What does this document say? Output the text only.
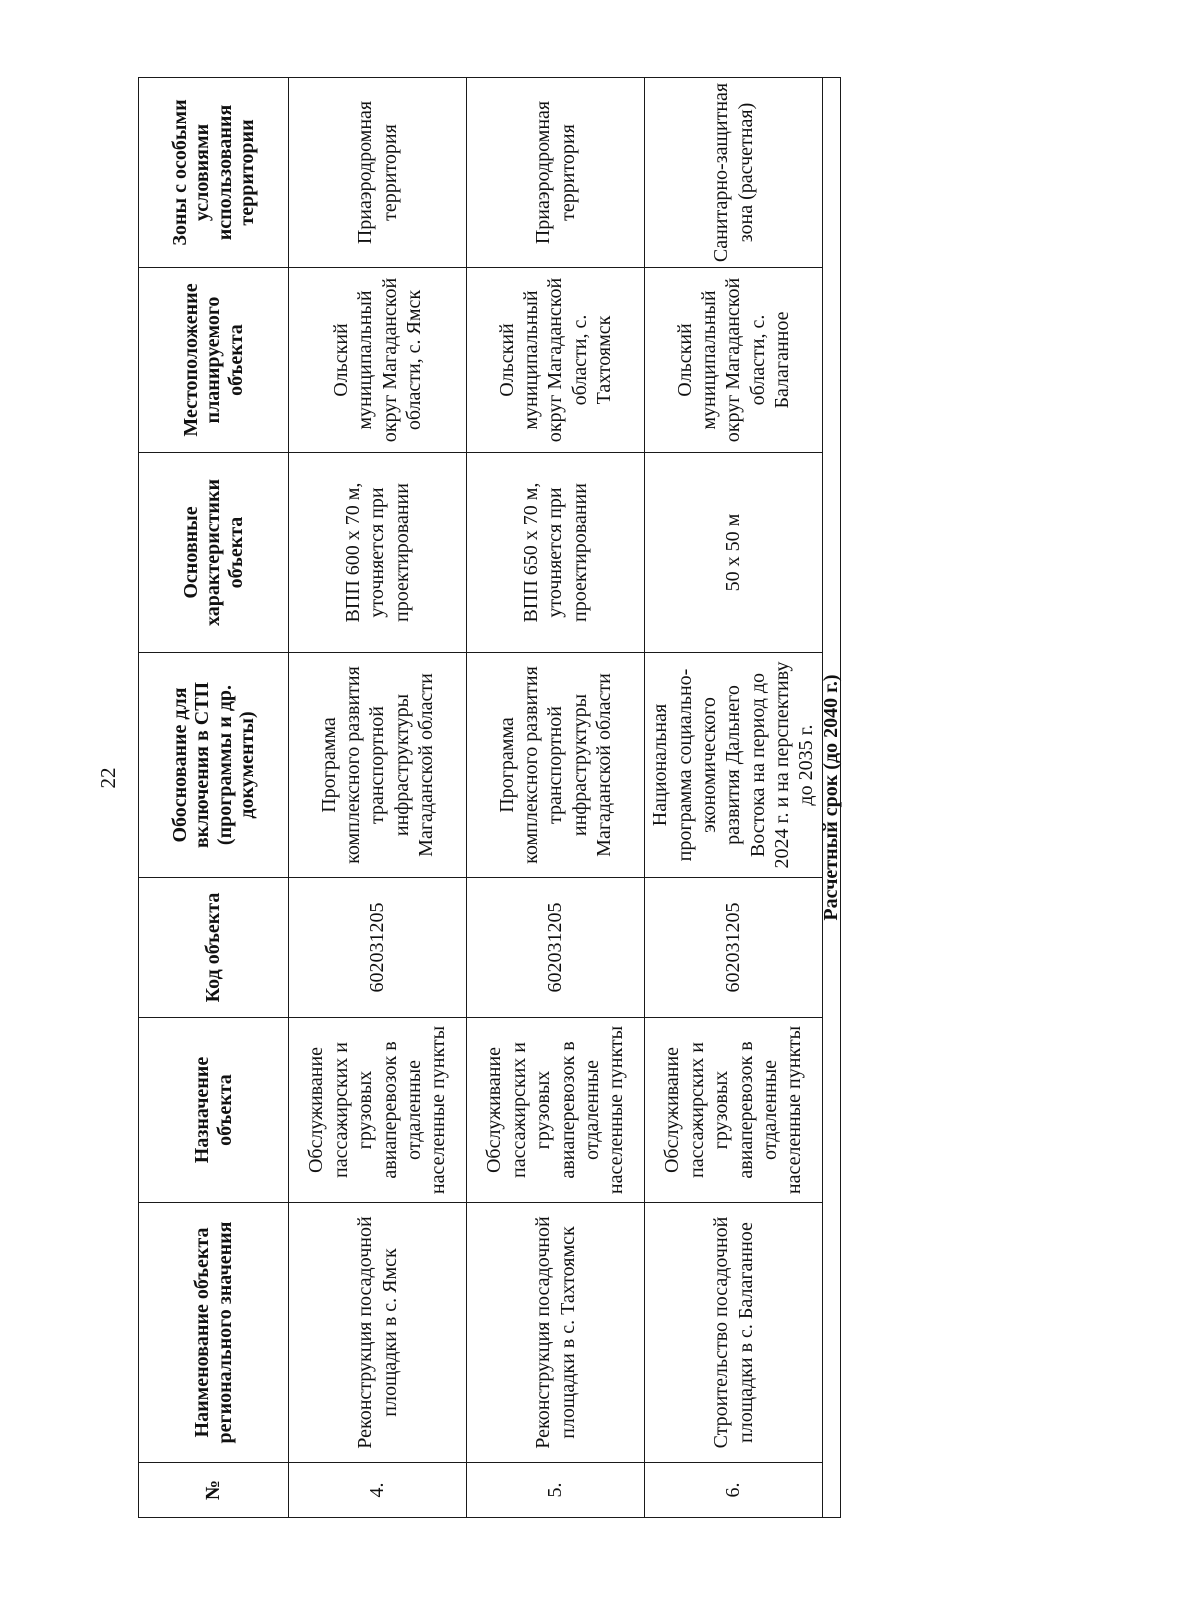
22
№	Наименование объекта регионального значения	Назначение объекта	Код объекта	Обоснование для включения в СТП (программы и др. документы)	Основные характеристики объекта	Местоположение планируемого объекта	Зоны с особыми условиями использования территории
4.	Реконструкция посадочной площадки в с. Ямск	Обслуживание пассажирских и грузовых авиаперевозок в отдаленные населенные пункты	602031205	Программа комплексного развития транспортной инфраструктуры Магаданской области	ВПП 600 х 70 м, уточняется при проектировании	Ольский муниципальный округ Магаданской области, с. Ямск	Приаэродромная территория
5.	Реконструкция посадочной площадки в с. Тахтоямск	Обслуживание пассажирских и грузовых авиаперевозок в отдаленные населенные пункты	602031205	Программа комплексного развития транспортной инфраструктуры Магаданской области	ВПП 650 х 70 м, уточняется при проектировании	Ольский муниципальный округ Магаданской области, с. Тахтоямск	Приаэродромная территория
6.	Строительство посадочной площадки в с. Балаганное	Обслуживание пассажирских и грузовых авиаперевозок в отдаленные населенные пункты	602031205	Национальная программа социально-экономического развития Дальнего Востока на период до 2024 г. и на перспективу до 2035 г.	50 х 50 м	Ольский муниципальный округ Магаданской области, с. Балаганное	Санитарно-защитная зона (расчетная)
Расчетный срок (до 2040 г.)							
